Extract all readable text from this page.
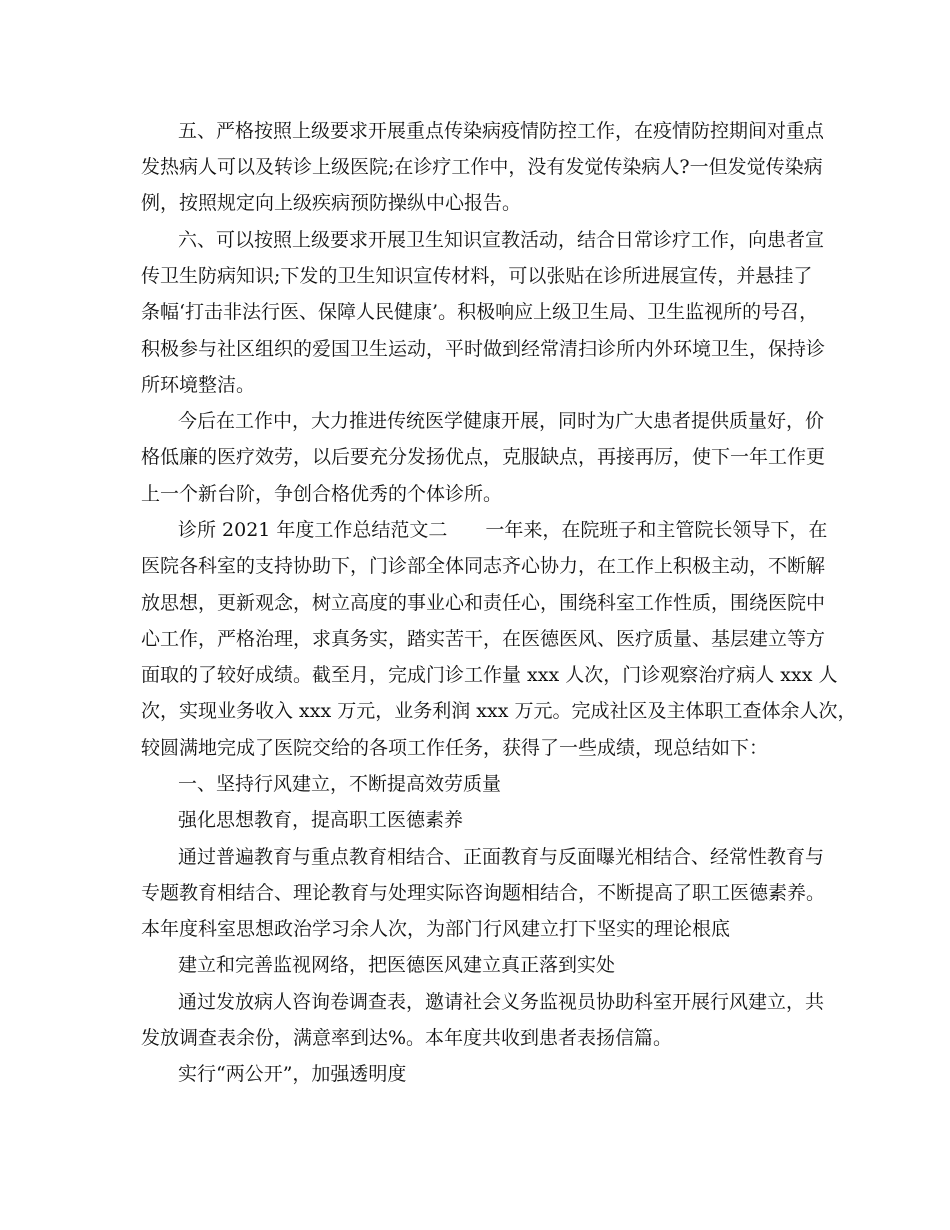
五、严格按照上级要求开展重点传染病疫情防控工作，在疫情防控期间对重点
发热病人可以及转诊上级医院;在诊疗工作中，没有发觉传染病人?一但发觉传染病
例，按照规定向上级疾病预防操纵中心报告。
六、可以按照上级要求开展卫生知识宣教活动，结合日常诊疗工作，向患者宣
传卫生防病知识;下发的卫生知识宣传材料，可以张贴在诊所进展宣传，并悬挂了
条幅‘打击非法行医、保障人民健康’。积极响应上级卫生局、卫生监视所的号召，
积极参与社区组织的爱国卫生运动，平时做到经常清扫诊所内外环境卫生，保持诊
所环境整洁。
今后在工作中，大力推进传统医学健康开展，同时为广大患者提供质量好，价
格低廉的医疗效劳，以后要充分发扬优点，克服缺点，再接再厉，使下一年工作更
上一个新台阶，争创合格优秀的个体诊所。
诊所 2021 年度工作总结范文二　　一年来，在院班子和主管院长领导下，在
医院各科室的支持协助下，门诊部全体同志齐心协力，在工作上积极主动，不断解
放思想，更新观念，树立高度的事业心和责任心，围绕科室工作性质，围绕医院中
心工作，严格治理，求真务实，踏实苦干，在医德医风、医疗质量、基层建立等方
面取的了较好成绩。截至月，完成门诊工作量 xxx 人次，门诊观察治疗病人 xxx 人
次，实现业务收入 xxx 万元，业务利润 xxx 万元。完成社区及主体职工查体余人次，
较圆满地完成了医院交给的各项工作任务，获得了一些成绩，现总结如下：
一、坚持行风建立，不断提高效劳质量
强化思想教育，提高职工医德素养
通过普遍教育与重点教育相结合、正面教育与反面曝光相结合、经常性教育与
专题教育相结合、理论教育与处理实际咨询题相结合，不断提高了职工医德素养。
本年度科室思想政治学习余人次，为部门行风建立打下坚实的理论根底
建立和完善监视网络，把医德医风建立真正落到实处
通过发放病人咨询卷调查表，邀请社会义务监视员协助科室开展行风建立，共
发放调查表余份，满意率到达%。本年度共收到患者表扬信篇。
实行“两公开”，加强透明度
